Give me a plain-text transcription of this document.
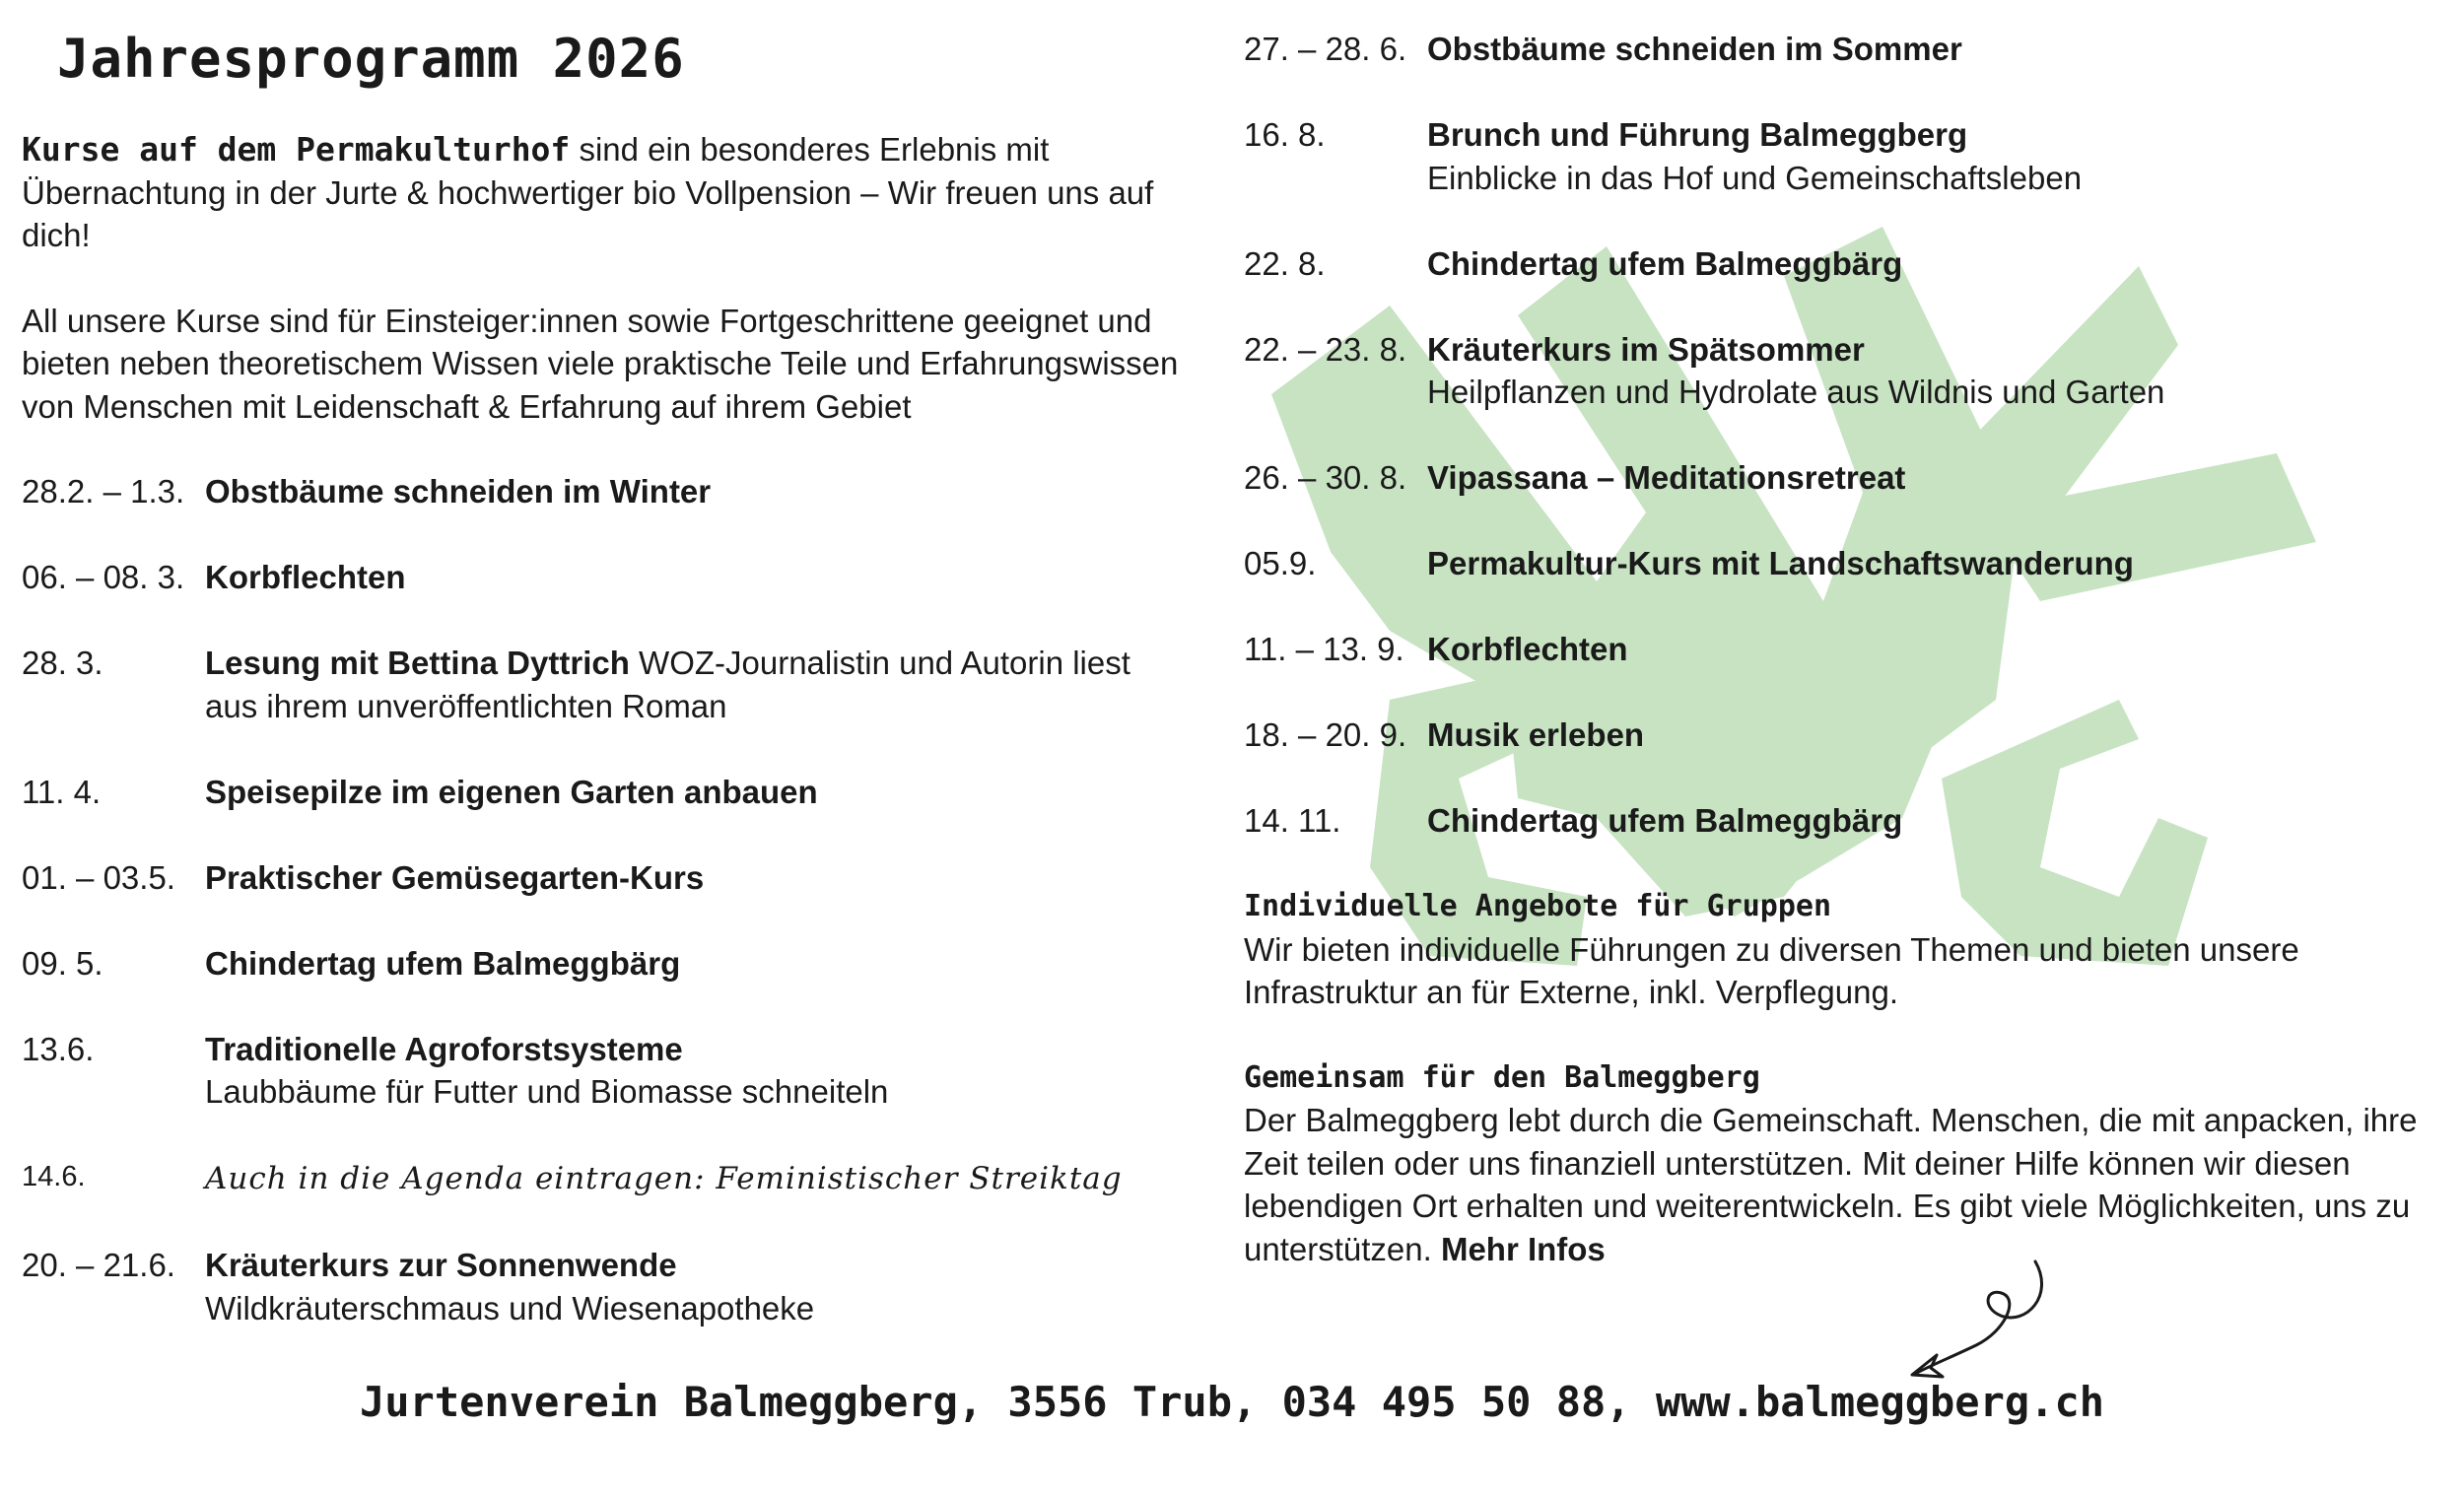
Jahresprogramm 2026

Kurse auf dem Permakulturhof sind ein besonderes Erlebnis mit Übernachtung in der Jurte & hochwertiger bio Vollpension – Wir freuen uns auf dich!

All unsere Kurse sind für Einsteiger:innen sowie Fortgeschrittene geeignet und bieten neben theoretischem Wissen viele praktische Teile und Erfahrungswissen von Menschen mit Leidenschaft & Erfahrung auf ihrem Gebiet

28.2. – 1.3. Obstbäume schneiden im Winter
06. – 08. 3. Korbflechten
28. 3.	Lesung mit Bettina Dyttrich WOZ-Journalistin und Autorin liest aus ihrem unveröffentlichten Roman
11. 4.	Speisepilze im eigenen Garten anbauen
01. – 03.5. Praktischer Gemüsegarten-Kurs
09. 5.	Chindertag ufem Balmeggbärg
13.6.	Traditionelle Agroforstsysteme
Laubbäume für Futter und Biomasse schneiteln
14.6.	Auch in die Agenda eintragen: Feministischer Streiktag
20. – 21.6. Kräuterkurs zur Sonnenwende
Wildkräuterschmaus und Wiesenapotheke
27. – 28. 6. Obstbäume schneiden im Sommer
16. 8.	Brunch und Führung Balmeggberg
Einblicke in das Hof und Gemeinschaftsleben
22. 8.	Chindertag ufem Balmeggbärg
22. – 23. 8. Kräuterkurs im Spätsommer
Heilpflanzen und Hydrolate aus Wildnis und Garten
26. – 30. 8. Vipassana – Meditationsretreat
05.9.	Permakultur-Kurs mit Landschaftswanderung
11. – 13. 9. Korbflechten
18. – 20. 9. Musik erleben
14. 11.	Chindertag ufem Balmeggbärg
Individuelle Angebote für Gruppen

Wir bieten individuelle Führungen zu diversen Themen und bieten unsere Infrastruktur an für Externe, inkl. Verpflegung.

Gemeinsam für den Balmeggberg

Der Balmeggberg lebt durch die Gemeinschaft. Menschen, die mit anpacken, ihre Zeit teilen oder uns finanziell unterstützen. Mit deiner Hilfe können wir diesen lebendigen Ort erhalten und weiterentwickeln. Es gibt viele Möglichkeiten, uns zu unterstützen. Mehr Infos

Jurtenverein Balmeggberg, 3556 Trub, 034 495 50 88, www.balmeggberg.ch
